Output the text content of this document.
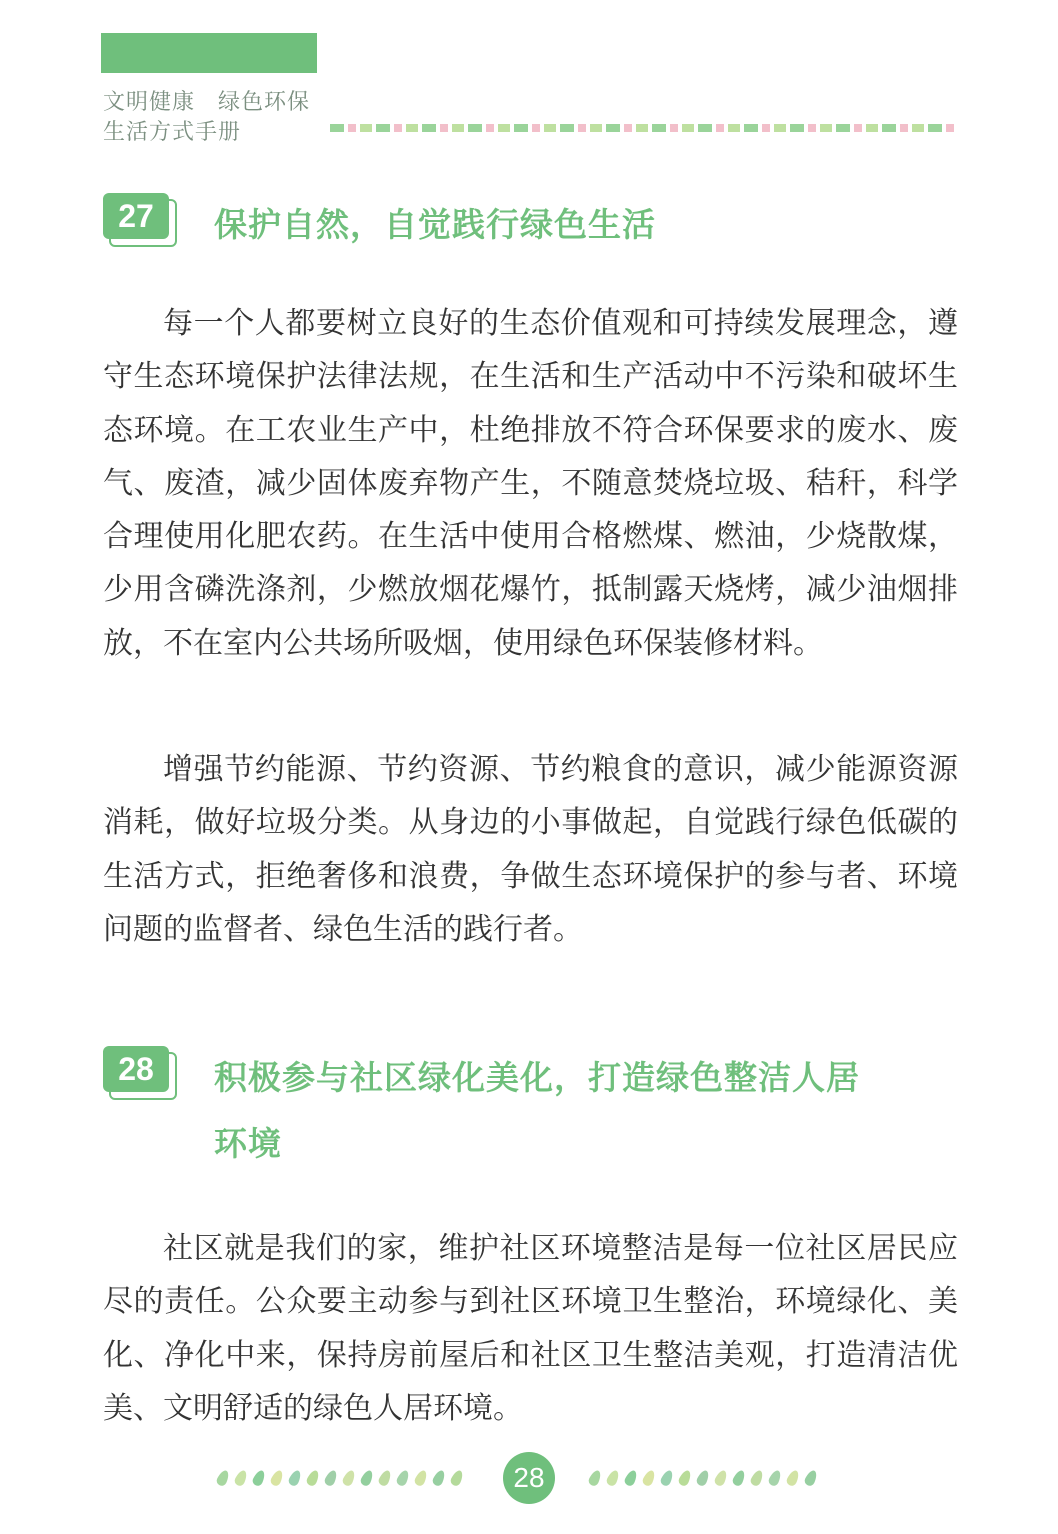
文明健康　绿色环保
生活方式手册
27	保护自然，自觉践行绿色生活
每一个人都要树立良好的生态价值观和可持续发展理念，遵守生态环境保护法律法规，在生活和生产活动中不污染和破坏生态环境。在工农业生产中，杜绝排放不符合环保要求的废水、废气、废渣，减少固体废弃物产生，不随意焚烧垃圾、秸秆，科学合理使用化肥农药。在生活中使用合格燃煤、燃油，少烧散煤，少用含磷洗涤剂，少燃放烟花爆竹，抵制露天烧烤，减少油烟排放，不在室内公共场所吸烟，使用绿色环保装修材料。
增强节约能源、节约资源、节约粮食的意识，减少能源资源消耗，做好垃圾分类。从身边的小事做起，自觉践行绿色低碳的生活方式，拒绝奢侈和浪费，争做生态环境保护的参与者、环境问题的监督者、绿色生活的践行者。
28	积极参与社区绿化美化，打造绿色整洁人居
环境
社区就是我们的家，维护社区环境整洁是每一位社区居民应尽的责任。公众要主动参与到社区环境卫生整治，环境绿化、美化、净化中来，保持房前屋后和社区卫生整洁美观，打造清洁优美、文明舒适的绿色人居环境。
28
